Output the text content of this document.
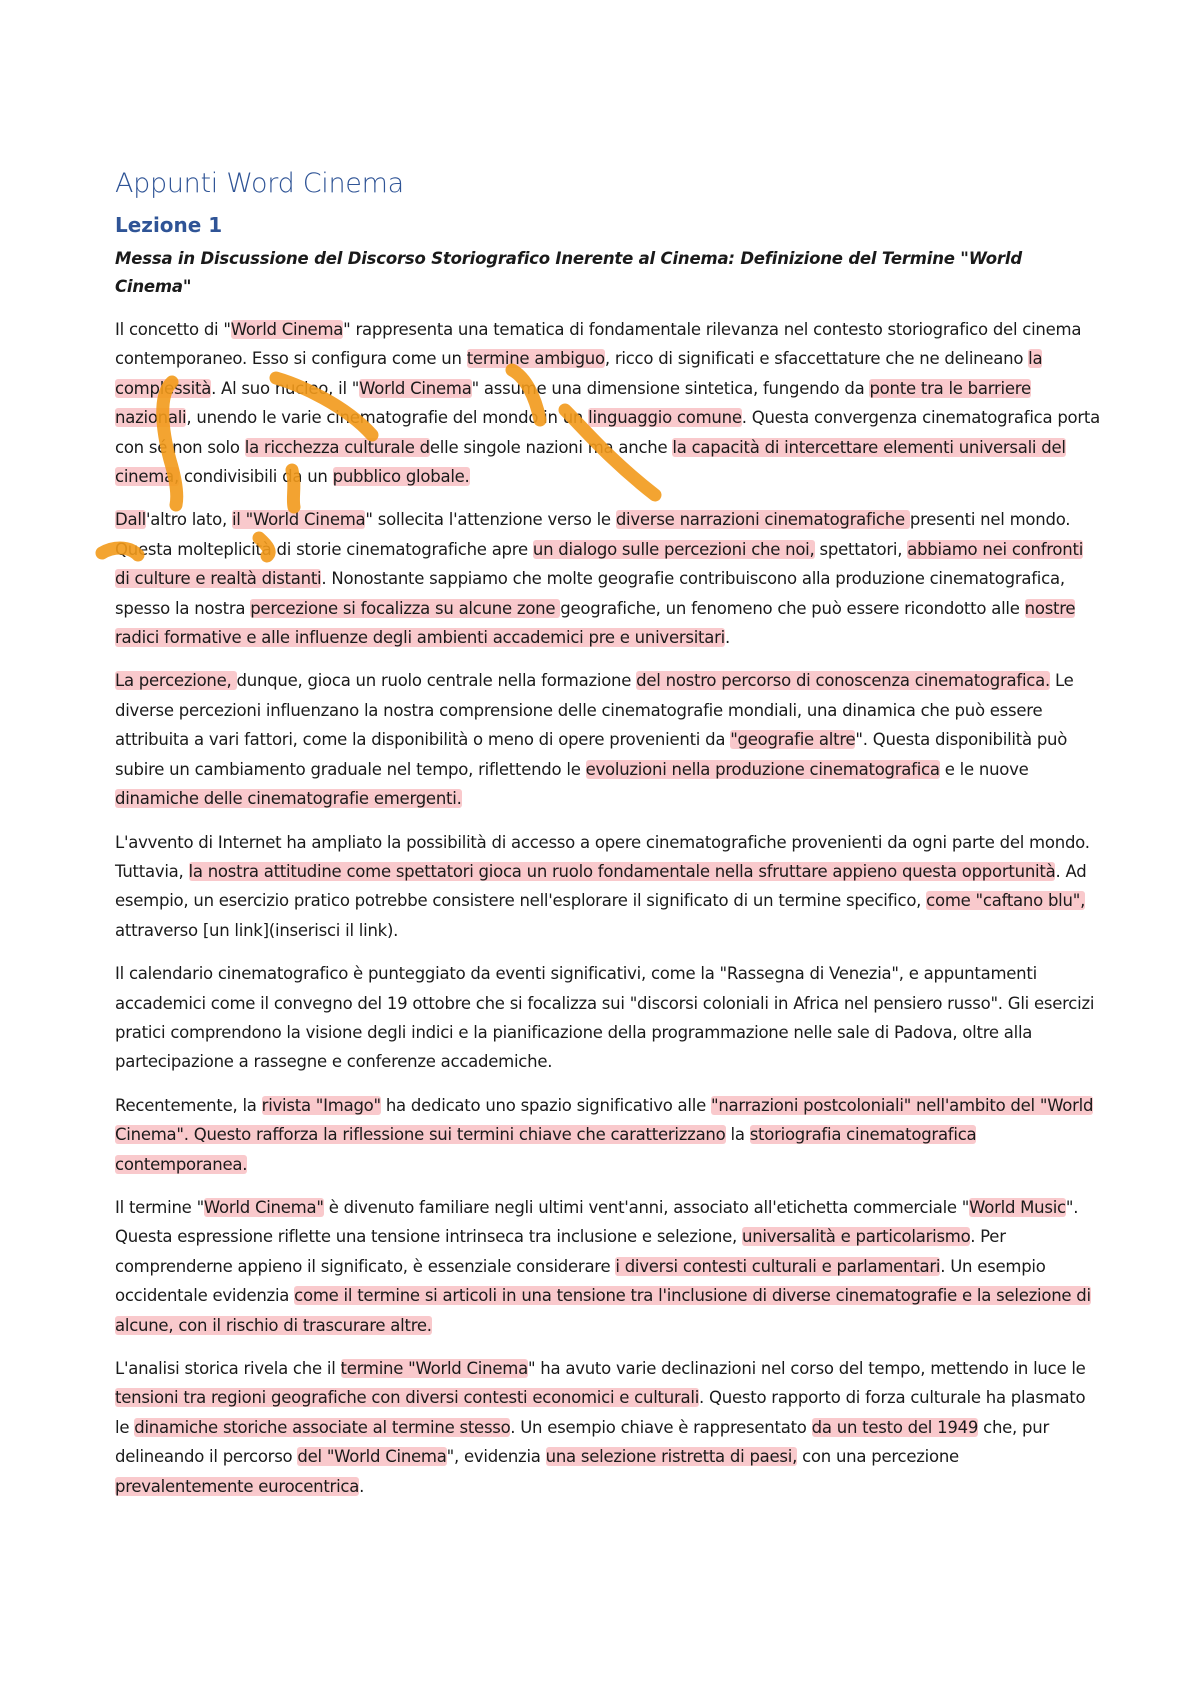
Appunti Word Cinema
Lezione 1
Messa in Discussione del Discorso Storiografico Inerente al Cinema: Definizione del Termine "World Cinema"

Il concetto di "World Cinema" rappresenta una tematica di fondamentale rilevanza nel contesto storiografico del cinema contemporaneo. Esso si configura come un termine ambiguo, ricco di significati e sfaccettature che ne delineano la complessità. Al suo nucleo, il "World Cinema" assume una dimensione sintetica, fungendo da ponte tra le barriere nazionali, unendo le varie cinematografie del mondo in un linguaggio comune. Questa convergenza cinematografica porta con sé non solo la ricchezza culturale delle singole nazioni ma anche la capacità di intercettare elementi universali del cinema, condivisibili da un pubblico globale.

Dall'altro lato, il "World Cinema" sollecita l'attenzione verso le diverse narrazioni cinematografiche presenti nel mondo. Questa molteplicità di storie cinematografiche apre un dialogo sulle percezioni che noi, spettatori, abbiamo nei confronti di culture e realtà distanti. Nonostante sappiamo che molte geografie contribuiscono alla produzione cinematografica, spesso la nostra percezione si focalizza su alcune zone geografiche, un fenomeno che può essere ricondotto alle nostre radici formative e alle influenze degli ambienti accademici pre e universitari.

La percezione, dunque, gioca un ruolo centrale nella formazione del nostro percorso di conoscenza cinematografica. Le diverse percezioni influenzano la nostra comprensione delle cinematografie mondiali, una dinamica che può essere attribuita a vari fattori, come la disponibilità o meno di opere provenienti da "geografie altre". Questa disponibilità può subire un cambiamento graduale nel tempo, riflettendo le evoluzioni nella produzione cinematografica e le nuove dinamiche delle cinematografie emergenti.

L'avvento di Internet ha ampliato la possibilità di accesso a opere cinematografiche provenienti da ogni parte del mondo. Tuttavia, la nostra attitudine come spettatori gioca un ruolo fondamentale nella sfruttare appieno questa opportunità. Ad esempio, un esercizio pratico potrebbe consistere nell'esplorare il significato di un termine specifico, come "caftano blu", attraverso [un link](inserisci il link).

Il calendario cinematografico è punteggiato da eventi significativi, come la "Rassegna di Venezia", e appuntamenti accademici come il convegno del 19 ottobre che si focalizza sui "discorsi coloniali in Africa nel pensiero russo". Gli esercizi pratici comprendono la visione degli indici e la pianificazione della programmazione nelle sale di Padova, oltre alla partecipazione a rassegne e conferenze accademiche.

Recentemente, la rivista "Imago" ha dedicato uno spazio significativo alle "narrazioni postcoloniali" nell'ambito del "World Cinema". Questo rafforza la riflessione sui termini chiave che caratterizzano la storiografia cinematografica contemporanea.

Il termine "World Cinema" è divenuto familiare negli ultimi vent'anni, associato all'etichetta commerciale "World Music". Questa espressione riflette una tensione intrinseca tra inclusione e selezione, universalità e particolarismo. Per comprenderne appieno il significato, è essenziale considerare i diversi contesti culturali e parlamentari. Un esempio occidentale evidenzia come il termine si articoli in una tensione tra l'inclusione di diverse cinematografie e la selezione di alcune, con il rischio di trascurare altre.

L'analisi storica rivela che il termine "World Cinema" ha avuto varie declinazioni nel corso del tempo, mettendo in luce le tensioni tra regioni geografiche con diversi contesti economici e culturali. Questo rapporto di forza culturale ha plasmato le dinamiche storiche associate al termine stesso. Un esempio chiave è rappresentato da un testo del 1949 che, pur delineando il percorso del "World Cinema", evidenzia una selezione ristretta di paesi, con una percezione prevalentemente eurocentrica.
